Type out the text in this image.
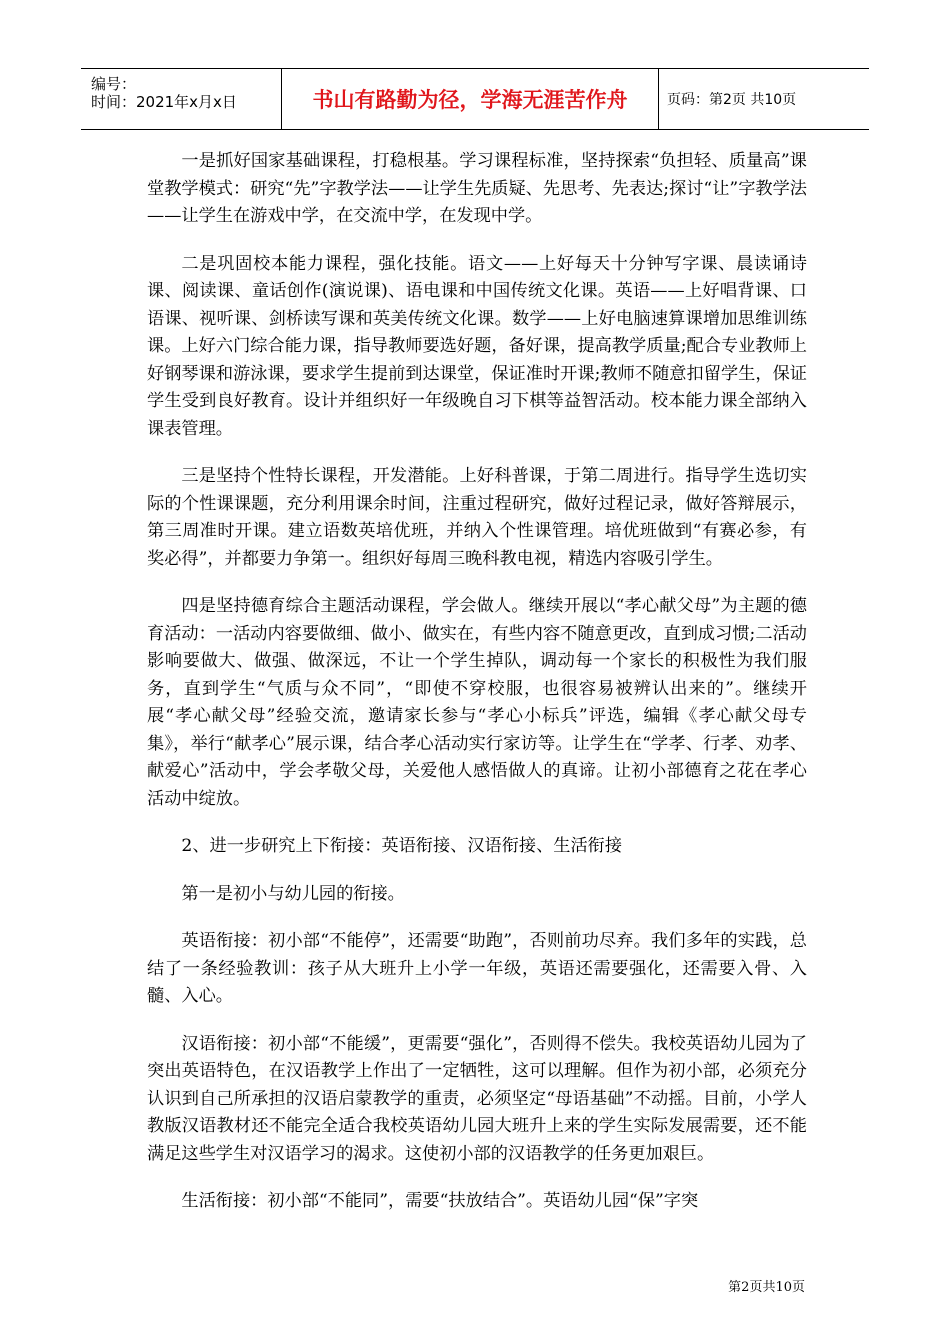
编号：
时间：2021年x月x日	书山有路勤为径，学海无涯苦作舟	页码：第2页 共10页

一是抓好国家基础课程，打稳根基。学习课程标准，坚持探索“负担轻、质量高”课堂教学模式：研究“先”字教学法——让学生先质疑、先思考、先表达;探讨“让”字教学法——让学生在游戏中学，在交流中学，在发现中学。

二是巩固校本能力课程，强化技能。语文——上好每天十分钟写字课、晨读诵诗课、阅读课、童话创作(演说课)、语电课和中国传统文化课。英语——上好唱背课、口语课、视听课、剑桥读写课和英美传统文化课。数学——上好电脑速算课增加思维训练课。上好六门综合能力课，指导教师要选好题，备好课，提高教学质量;配合专业教师上好钢琴课和游泳课，要求学生提前到达课堂，保证准时开课;教师不随意扣留学生，保证学生受到良好教育。设计并组织好一年级晚自习下棋等益智活动。校本能力课全部纳入课表管理。

三是坚持个性特长课程，开发潜能。上好科普课，于第二周进行。指导学生选切实际的个性课课题，充分利用课余时间，注重过程研究，做好过程记录，做好答辩展示，第三周准时开课。建立语数英培优班，并纳入个性课管理。培优班做到“有赛必参，有奖必得”，并都要力争第一。组织好每周三晚科教电视，精选内容吸引学生。

四是坚持德育综合主题活动课程，学会做人。继续开展以“孝心献父母”为主题的德育活动：一活动内容要做细、做小、做实在，有些内容不随意更改，直到成习惯;二活动影响要做大、做强、做深远，不让一个学生掉队，调动每一个家长的积极性为我们服务，直到学生“气质与众不同”，“即使不穿校服，也很容易被辨认出来的”。继续开展“孝心献父母”经验交流，邀请家长参与“孝心小标兵”评选，编辑《孝心献父母专集》，举行“献孝心”展示课，结合孝心活动实行家访等。让学生在“学孝、行孝、劝孝、献爱心”活动中，学会孝敬父母，关爱他人感悟做人的真谛。让初小部德育之花在孝心活动中绽放。

2、进一步研究上下衔接：英语衔接、汉语衔接、生活衔接

第一是初小与幼儿园的衔接。

英语衔接：初小部“不能停”，还需要“助跑”，否则前功尽弃。我们多年的实践，总结了一条经验教训：孩子从大班升上小学一年级，英语还需要强化，还需要入骨、入髓、入心。

汉语衔接：初小部“不能缓”，更需要“强化”，否则得不偿失。我校英语幼儿园为了突出英语特色，在汉语教学上作出了一定牺牲，这可以理解。但作为初小部，必须充分认识到自己所承担的汉语启蒙教学的重责，必须坚定“母语基础”不动摇。目前，小学人教版汉语教材还不能完全适合我校英语幼儿园大班升上来的学生实际发展需要，还不能满足这些学生对汉语学习的渴求。这使初小部的汉语教学的任务更加艰巨。

生活衔接：初小部“不能同”，需要“扶放结合”。英语幼儿园“保”字突

第2页共10页
